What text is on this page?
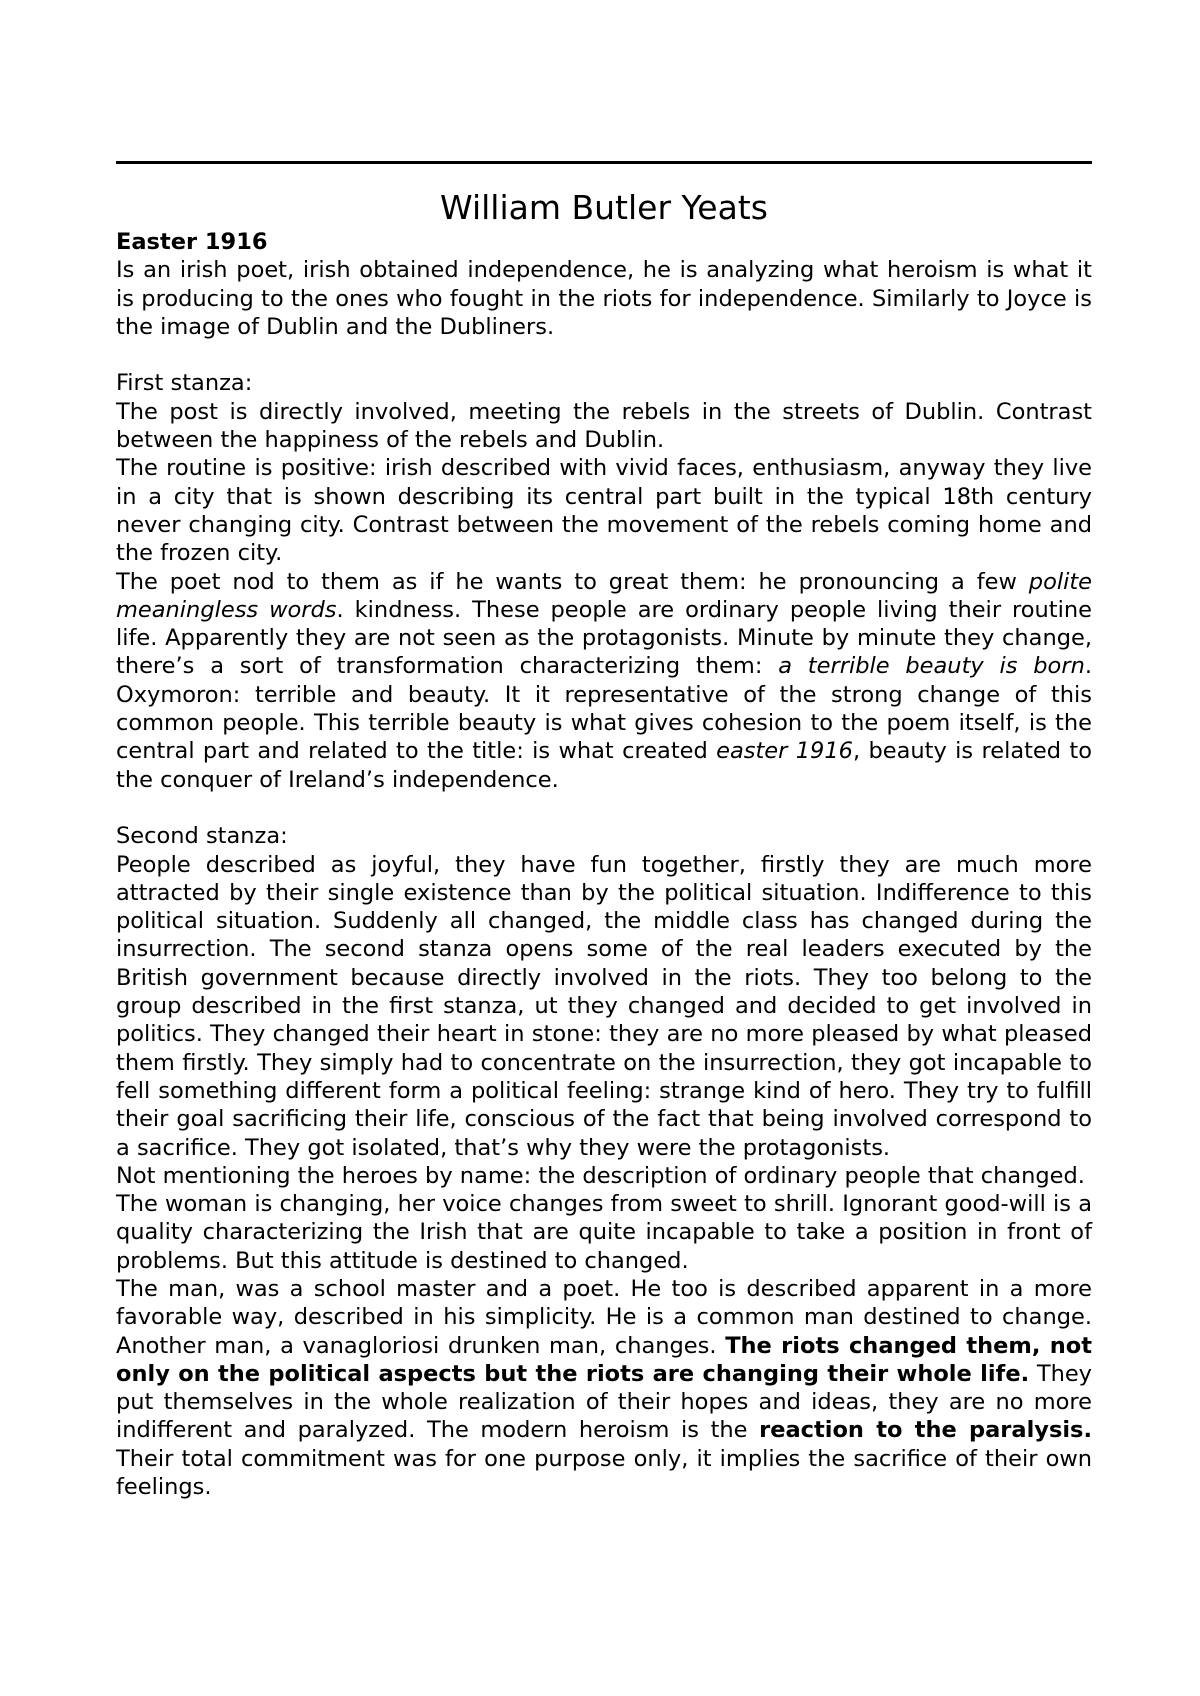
William Butler Yeats

Easter 1916

Is an irish poet, irish obtained independence, he is analyzing what heroism is what it is producing to the ones who fought in the riots for independence. Similarly to Joyce is the image of Dublin and the Dubliners.

First stanza:

The post is directly involved, meeting the rebels in the streets of Dublin. Contrast between the happiness of the rebels and Dublin.

The routine is positive: irish described with vivid faces, enthusiasm, anyway they live in a city that is shown describing its central part built in the typical 18th century never changing city. Contrast between the movement of the rebels coming home and the frozen city.

The poet nod to them as if he wants to great them: he pronouncing a few polite meaningless words. kindness. These people are ordinary people living their routine life. Apparently they are not seen as the protagonists. Minute by minute they change, there’s a sort of transformation characterizing them: a terrible beauty is born. Oxymoron: terrible and beauty. It it representative of the strong change of this common people. This terrible beauty is what gives cohesion to the poem itself, is the central part and related to the title: is what created easter 1916, beauty is related to the conquer of Ireland’s independence.

Second stanza:

People described as joyful, they have fun together, firstly they are much more attracted by their single existence than by the political situation. Indifference to this political situation. Suddenly all changed, the middle class has changed during the insurrection. The second stanza opens some of the real leaders executed by the British government because directly involved in the riots. They too belong to the group described in the first stanza, ut they changed and decided to get involved in politics. They changed their heart in stone: they are no more pleased by what pleased them firstly. They simply had to concentrate on the insurrection, they got incapable to fell something different form a political feeling: strange kind of hero. They try to fulfill their goal sacrificing their life, conscious of the fact that being involved correspond to a sacrifice. They got isolated, that’s why they were the protagonists.

Not mentioning the heroes by name: the description of ordinary people that changed.

The woman is changing, her voice changes from sweet to shrill. Ignorant good-will is a quality characterizing the Irish that are quite incapable to take a position in front of problems. But this attitude is destined to changed.

The man, was a school master and a poet. He too is described apparent in a more favorable way, described in his simplicity. He is a common man destined to change. Another man, a vanagloriosi drunken man, changes. The riots changed them, not only on the political aspects but the riots are changing their whole life. They put themselves in the whole realization of their hopes and ideas, they are no more indifferent and paralyzed. The modern heroism is the reaction to the paralysis. Their total commitment was for one purpose only, it implies the sacrifice of their own feelings.
